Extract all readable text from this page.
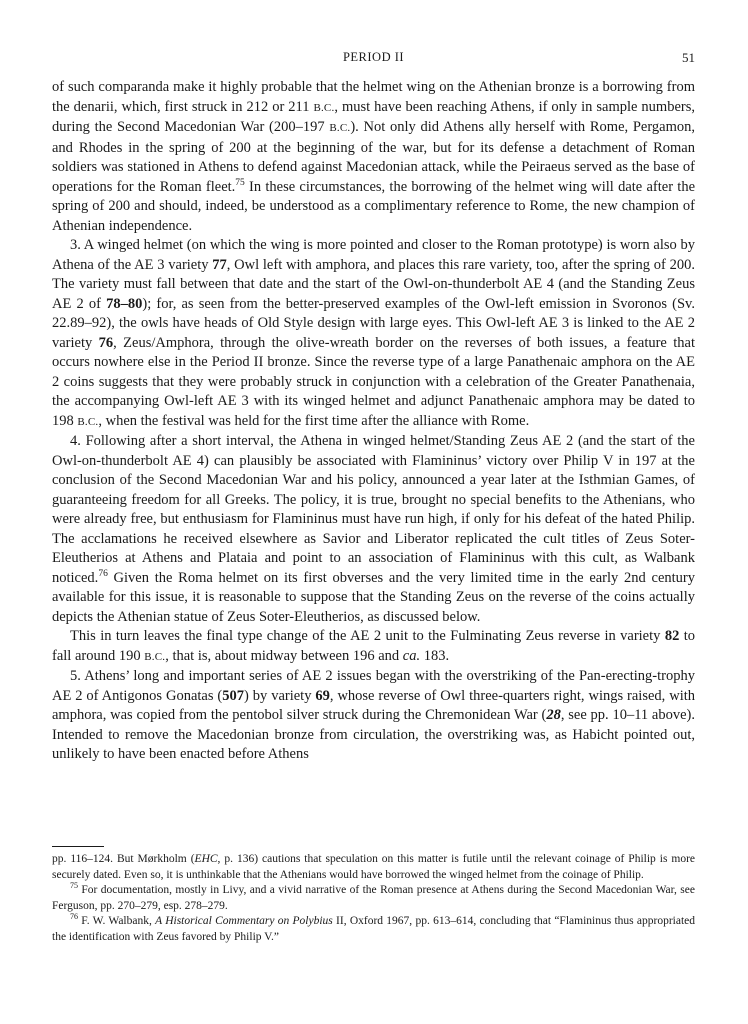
PERIOD II	51

of such comparanda make it highly probable that the helmet wing on the Athenian bronze is a borrowing from the denarii, which, first struck in 212 or 211 B.C., must have been reaching Athens, if only in sample numbers, during the Second Macedonian War (200–197 B.C.). Not only did Athens ally herself with Rome, Pergamon, and Rhodes in the spring of 200 at the beginning of the war, but for its defense a detachment of Roman soldiers was stationed in Athens to defend against Macedonian attack, while the Peiraeus served as the base of operations for the Roman fleet.$^{75}$ In these circumstances, the borrowing of the helmet wing will date after the spring of 200 and should, indeed, be understood as a complimentary reference to Rome, the new champion of Athenian independence.

3. A winged helmet (on which the wing is more pointed and closer to the Roman prototype) is worn also by Athena of the AE 3 variety 77, Owl left with amphora, and places this rare variety, too, after the spring of 200. The variety must fall between that date and the start of the Owl-on-thunderbolt AE 4 (and the Standing Zeus AE 2 of 78–80); for, as seen from the better-preserved examples of the Owl-left emission in Svoronos (Sv. 22.89–92), the owls have heads of Old Style design with large eyes. This Owl-left AE 3 is linked to the AE 2 variety 76, Zeus/Amphora, through the olive-wreath border on the reverses of both issues, a feature that occurs nowhere else in the Period II bronze. Since the reverse type of a large Panathenaic amphora on the AE 2 coins suggests that they were probably struck in conjunction with a celebration of the Greater Panathenaia, the accompanying Owl-left AE 3 with its winged helmet and adjunct Panathenaic amphora may be dated to 198 B.C., when the festival was held for the first time after the alliance with Rome.

4. Following after a short interval, the Athena in winged helmet/Standing Zeus AE 2 (and the start of the Owl-on-thunderbolt AE 4) can plausibly be associated with Flamininus’ victory over Philip V in 197 at the conclusion of the Second Macedonian War and his policy, announced a year later at the Isthmian Games, of guaranteeing freedom for all Greeks. The policy, it is true, brought no special benefits to the Athenians, who were already free, but enthusiasm for Flamininus must have run high, if only for his defeat of the hated Philip. The acclamations he received elsewhere as Savior and Liberator replicated the cult titles of Zeus Soter-Eleutherios at Athens and Plataia and point to an association of Flamininus with this cult, as Walbank noticed.$^{76}$ Given the Roma helmet on its first obverses and the very limited time in the early 2nd century available for this issue, it is reasonable to suppose that the Standing Zeus on the reverse of the coins actually depicts the Athenian statue of Zeus Soter-Eleutherios, as discussed below.

This in turn leaves the final type change of the AE 2 unit to the Fulminating Zeus reverse in variety 82 to fall around 190 B.C., that is, about midway between 196 and ca. 183.

5. Athens’ long and important series of AE 2 issues began with the overstriking of the Pan-erecting-trophy AE 2 of Antigonos Gonatas (507) by variety 69, whose reverse of Owl three-quarters right, wings raised, with amphora, was copied from the pentobol silver struck during the Chremonidean War (28, see pp. 10–11 above). Intended to remove the Macedonian bronze from circulation, the overstriking was, as Habicht pointed out, unlikely to have been enacted before Athens

pp. 116–124. But Mørkholm (EHC, p. 136) cautions that speculation on this matter is futile until the relevant coinage of Philip is more securely dated. Even so, it is unthinkable that the Athenians would have borrowed the winged helmet from the coinage of Philip.

$^{75}$ For documentation, mostly in Livy, and a vivid narrative of the Roman presence at Athens during the Second Macedonian War, see Ferguson, pp. 270–279, esp. 278–279.

$^{76}$ F. W. Walbank, A Historical Commentary on Polybius II, Oxford 1967, pp. 613–614, concluding that “Flamininus thus appropriated the identification with Zeus favored by Philip V.”
